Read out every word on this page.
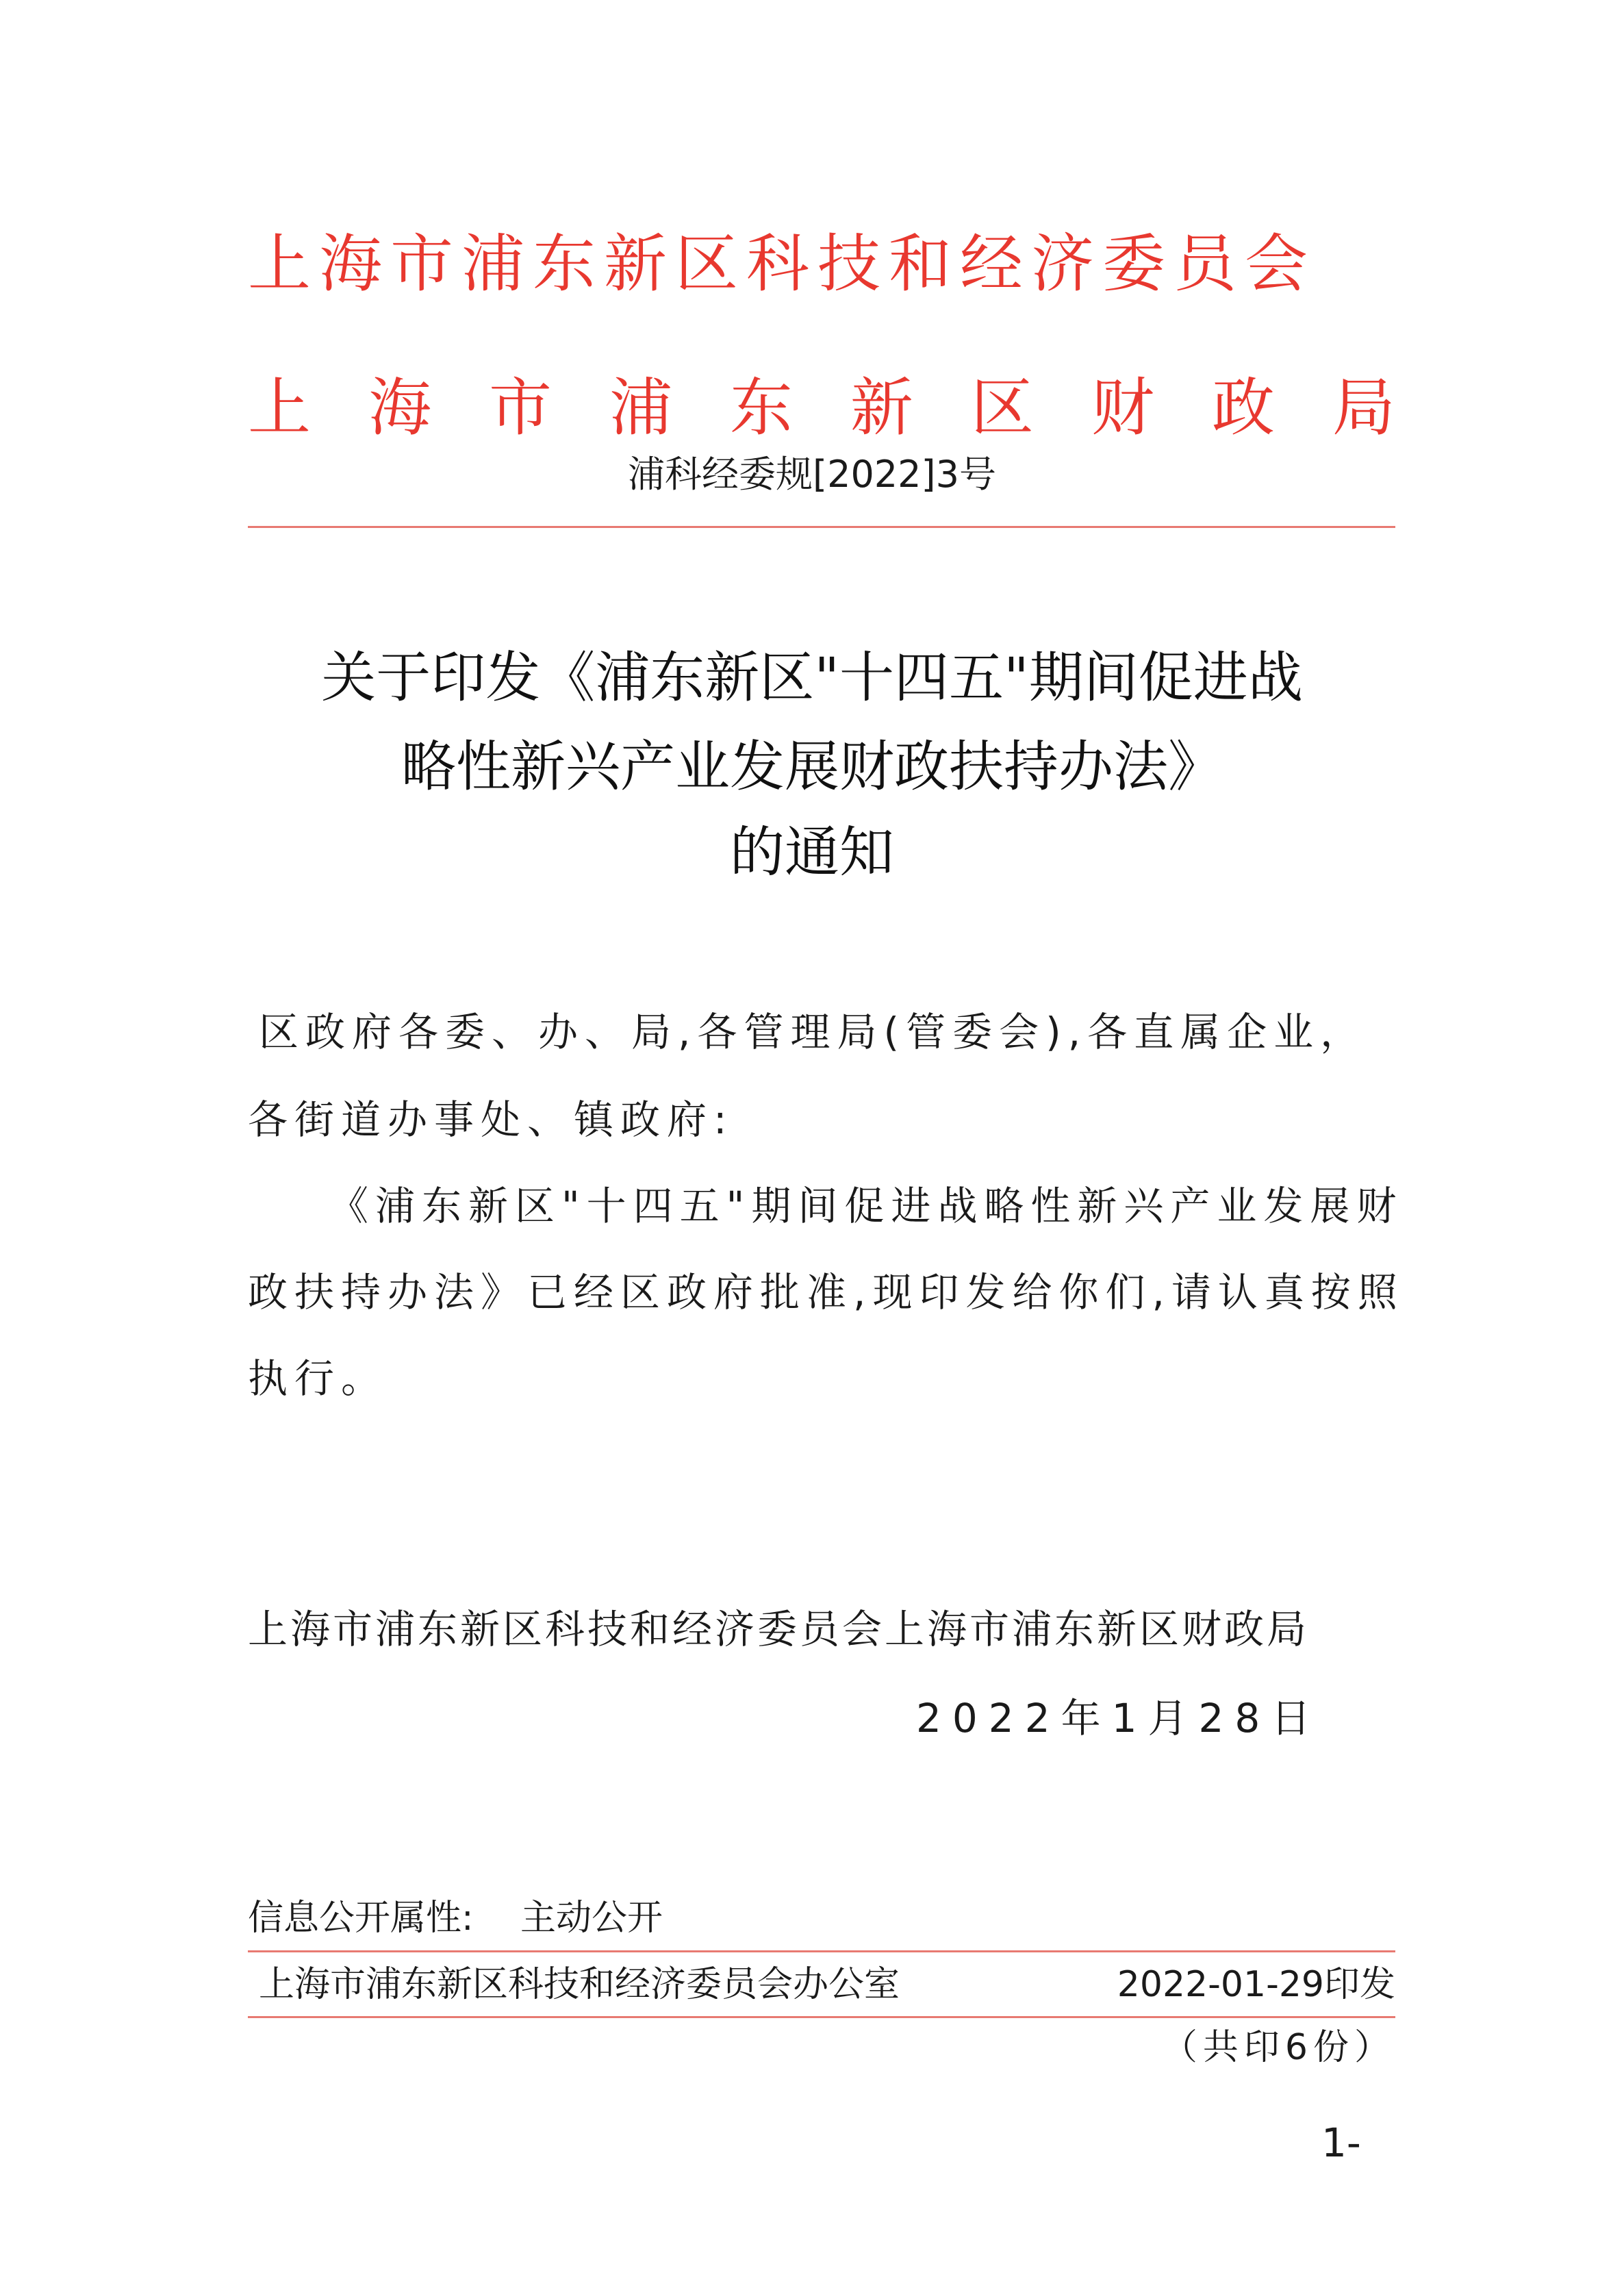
上海市浦东新区科技和经济委员会
上 海 市 浦 东 新 区 财 政 局
浦科经委规[2022]3号
关于印发《浦东新区"十四五"期间促进战
略性新兴产业发展财政扶持办法》
的通知
区政府各委、办、局,各管理局(管委会),各直属企业，
各街道办事处、镇政府:
《浦东新区"十四五"期间促进战略性新兴产业发展财
政扶持办法》已经区政府批准,现印发给你们,请认真按照
执行。
上海市浦东新区科技和经济委员会上海市浦东新区财政局
2022年1月28日
信息公开属性: 主动公开
上海市浦东新区科技和经济委员会办公室	2022-01-29印发
（共印6份）
1-
